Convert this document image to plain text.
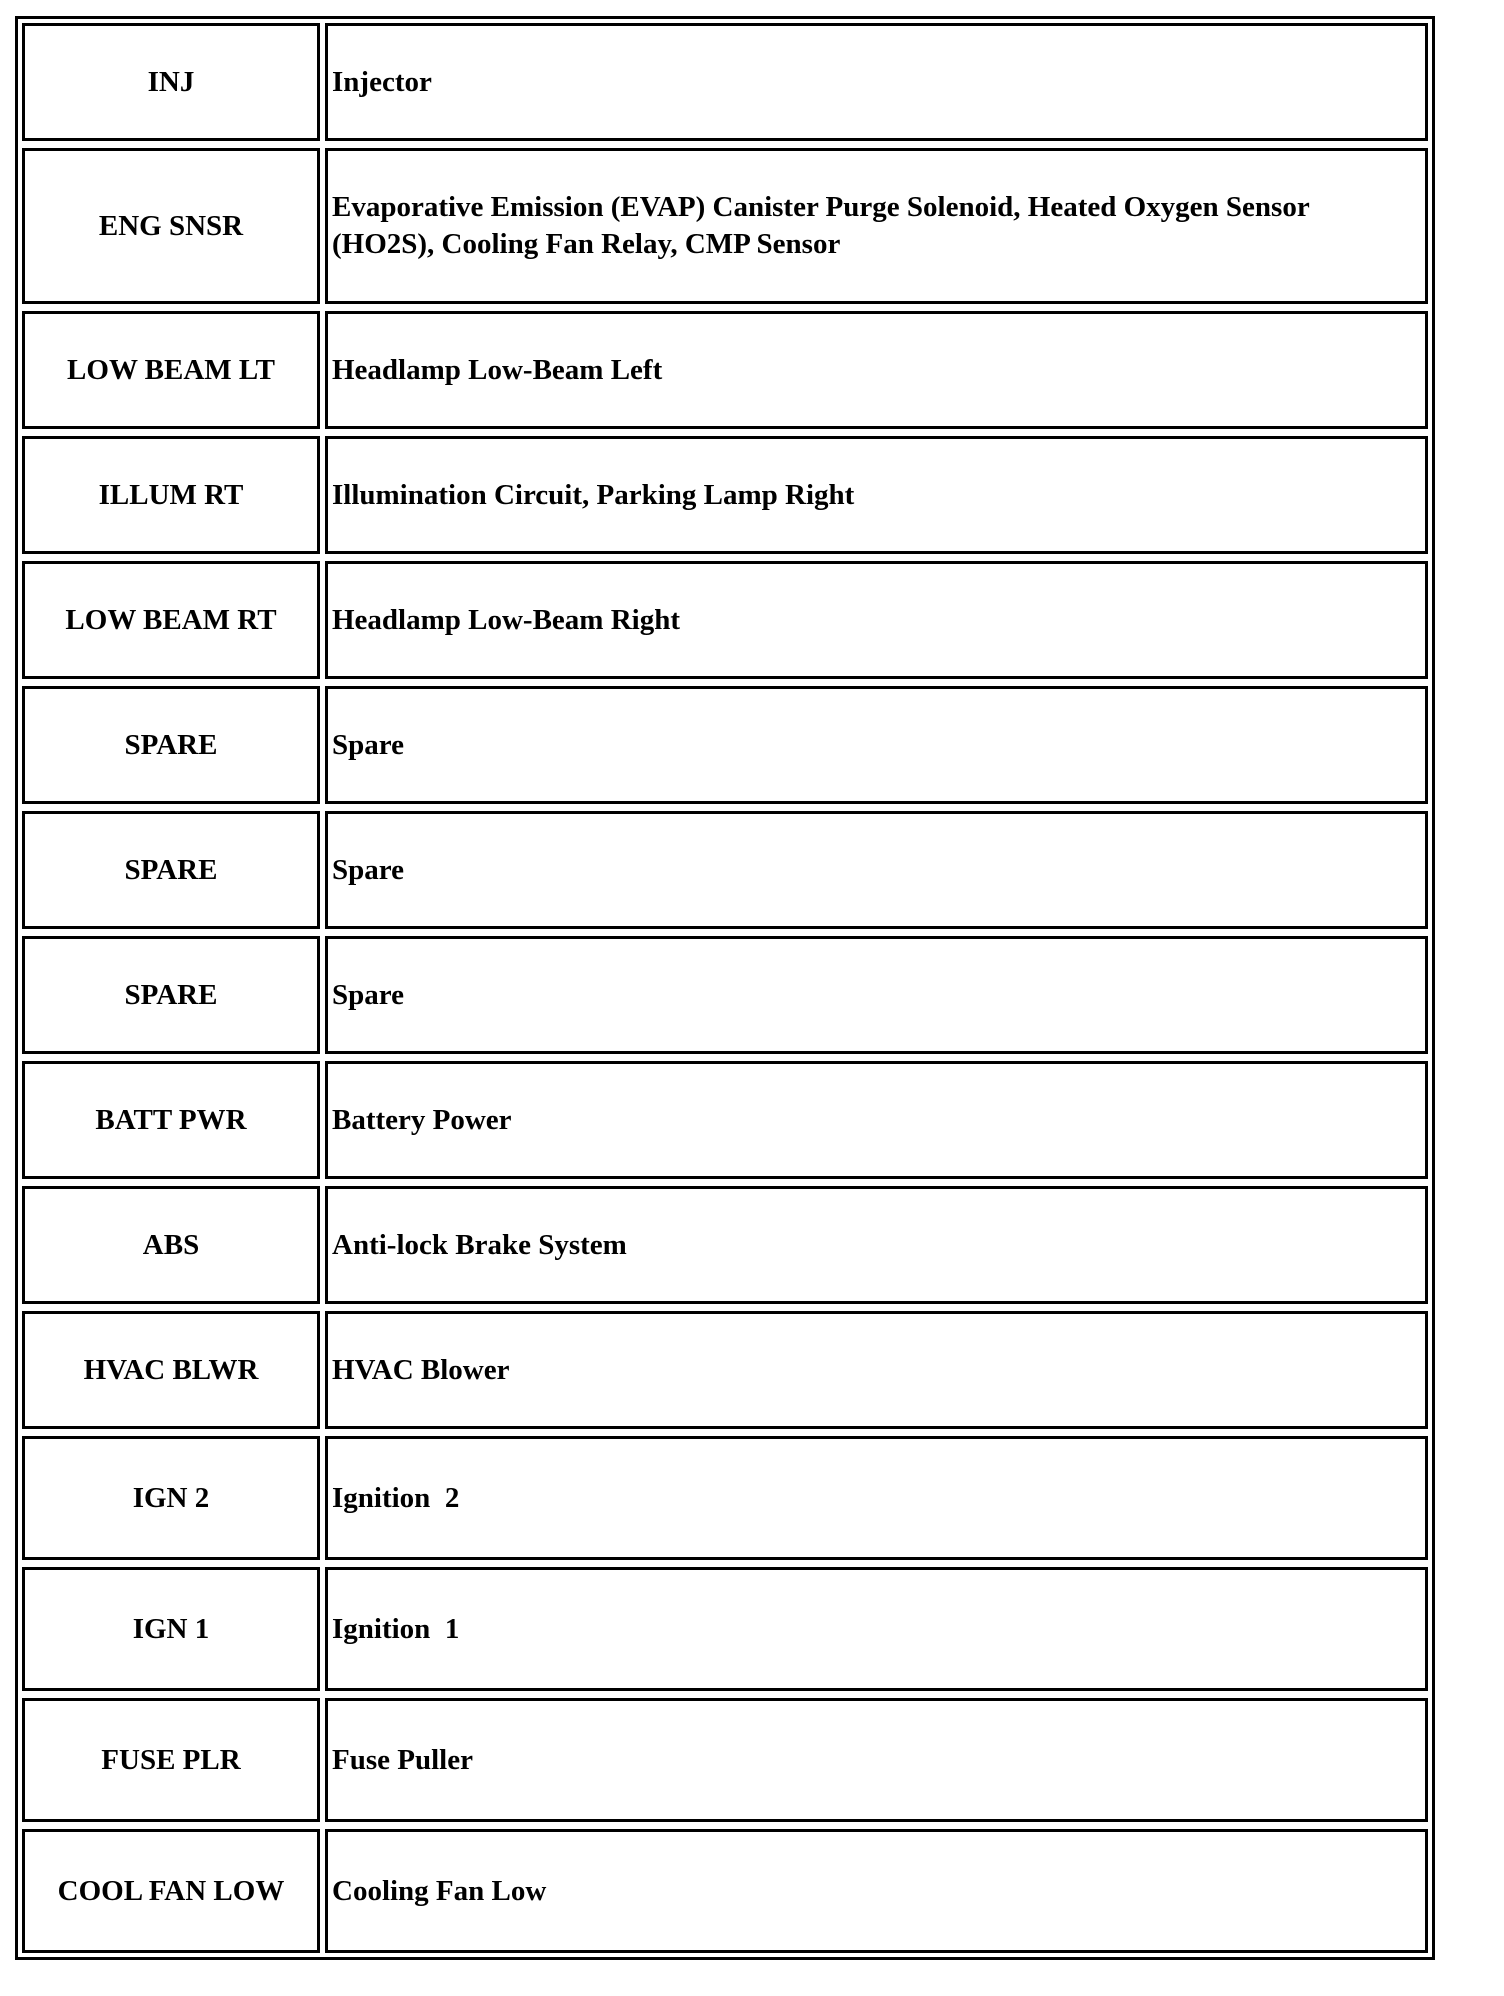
INJ	Injector
ENG SNSR	Evaporative Emission (EVAP) Canister Purge Solenoid, Heated Oxygen Sensor (HO2S), Cooling Fan Relay, CMP Sensor
LOW BEAM LT	Headlamp Low-Beam Left
ILLUM RT	Illumination Circuit, Parking Lamp Right
LOW BEAM RT	Headlamp Low-Beam Right
SPARE	Spare
SPARE	Spare
SPARE	Spare
BATT PWR	Battery Power
ABS	Anti-lock Brake System
HVAC BLWR	HVAC Blower
IGN 2	Ignition  2
IGN 1	Ignition  1
FUSE PLR	Fuse Puller
COOL FAN LOW	Cooling Fan Low
